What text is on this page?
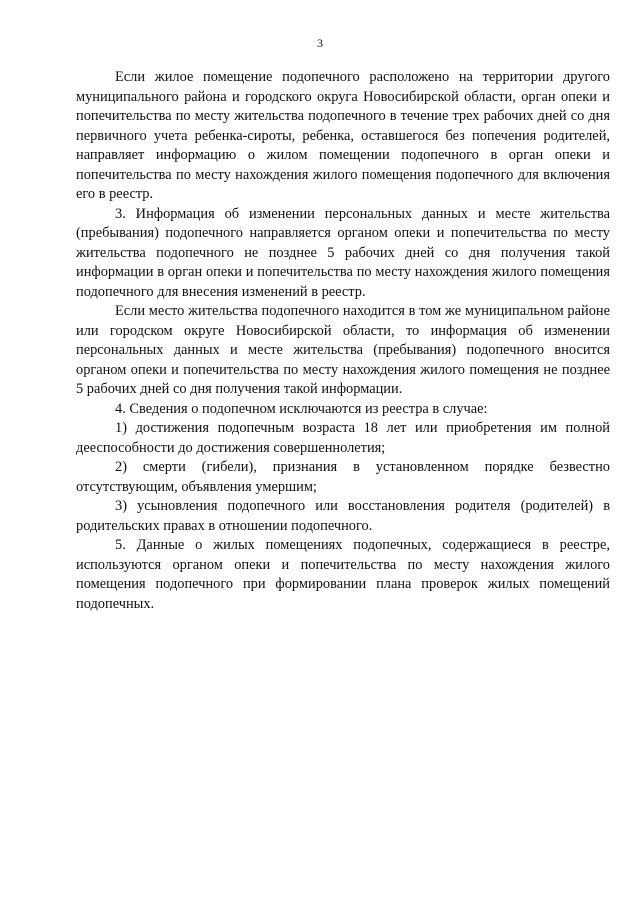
3

Если жилое помещение подопечного расположено на территории другого муниципального района и городского округа Новосибирской области, орган опеки и попечительства по месту жительства подопечного в течение трех рабочих дней со дня первичного учета ребенка-сироты, ребенка, оставшегося без попечения родителей, направляет информацию о жилом помещении подопечного в орган опеки и попечительства по месту нахождения жилого помещения подопечного для включения его в реестр.

3. Информация об изменении персональных данных и месте жительства (пребывания) подопечного направляется органом опеки и попечительства по месту жительства подопечного не позднее 5 рабочих дней со дня получения такой информации в орган опеки и попечительства по месту нахождения жилого помещения подопечного для внесения изменений в реестр.

Если место жительства подопечного находится в том же муниципальном районе или городском округе Новосибирской области, то информация об изменении персональных данных и месте жительства (пребывания) подопечного вносится органом опеки и попечительства по месту нахождения жилого помещения не позднее 5 рабочих дней со дня получения такой информации.

4. Сведения о подопечном исключаются из реестра в случае:

1) достижения подопечным возраста 18 лет или приобретения им полной дееспособности до достижения совершеннолетия;

2) смерти (гибели), признания в установленном порядке безвестно отсутствующим, объявления умершим;

3) усыновления подопечного или восстановления родителя (родителей) в родительских правах в отношении подопечного.

5. Данные о жилых помещениях подопечных, содержащиеся в реестре, используются органом опеки и попечительства по месту нахождения жилого помещения подопечного при формировании плана проверок жилых помещений подопечных.
